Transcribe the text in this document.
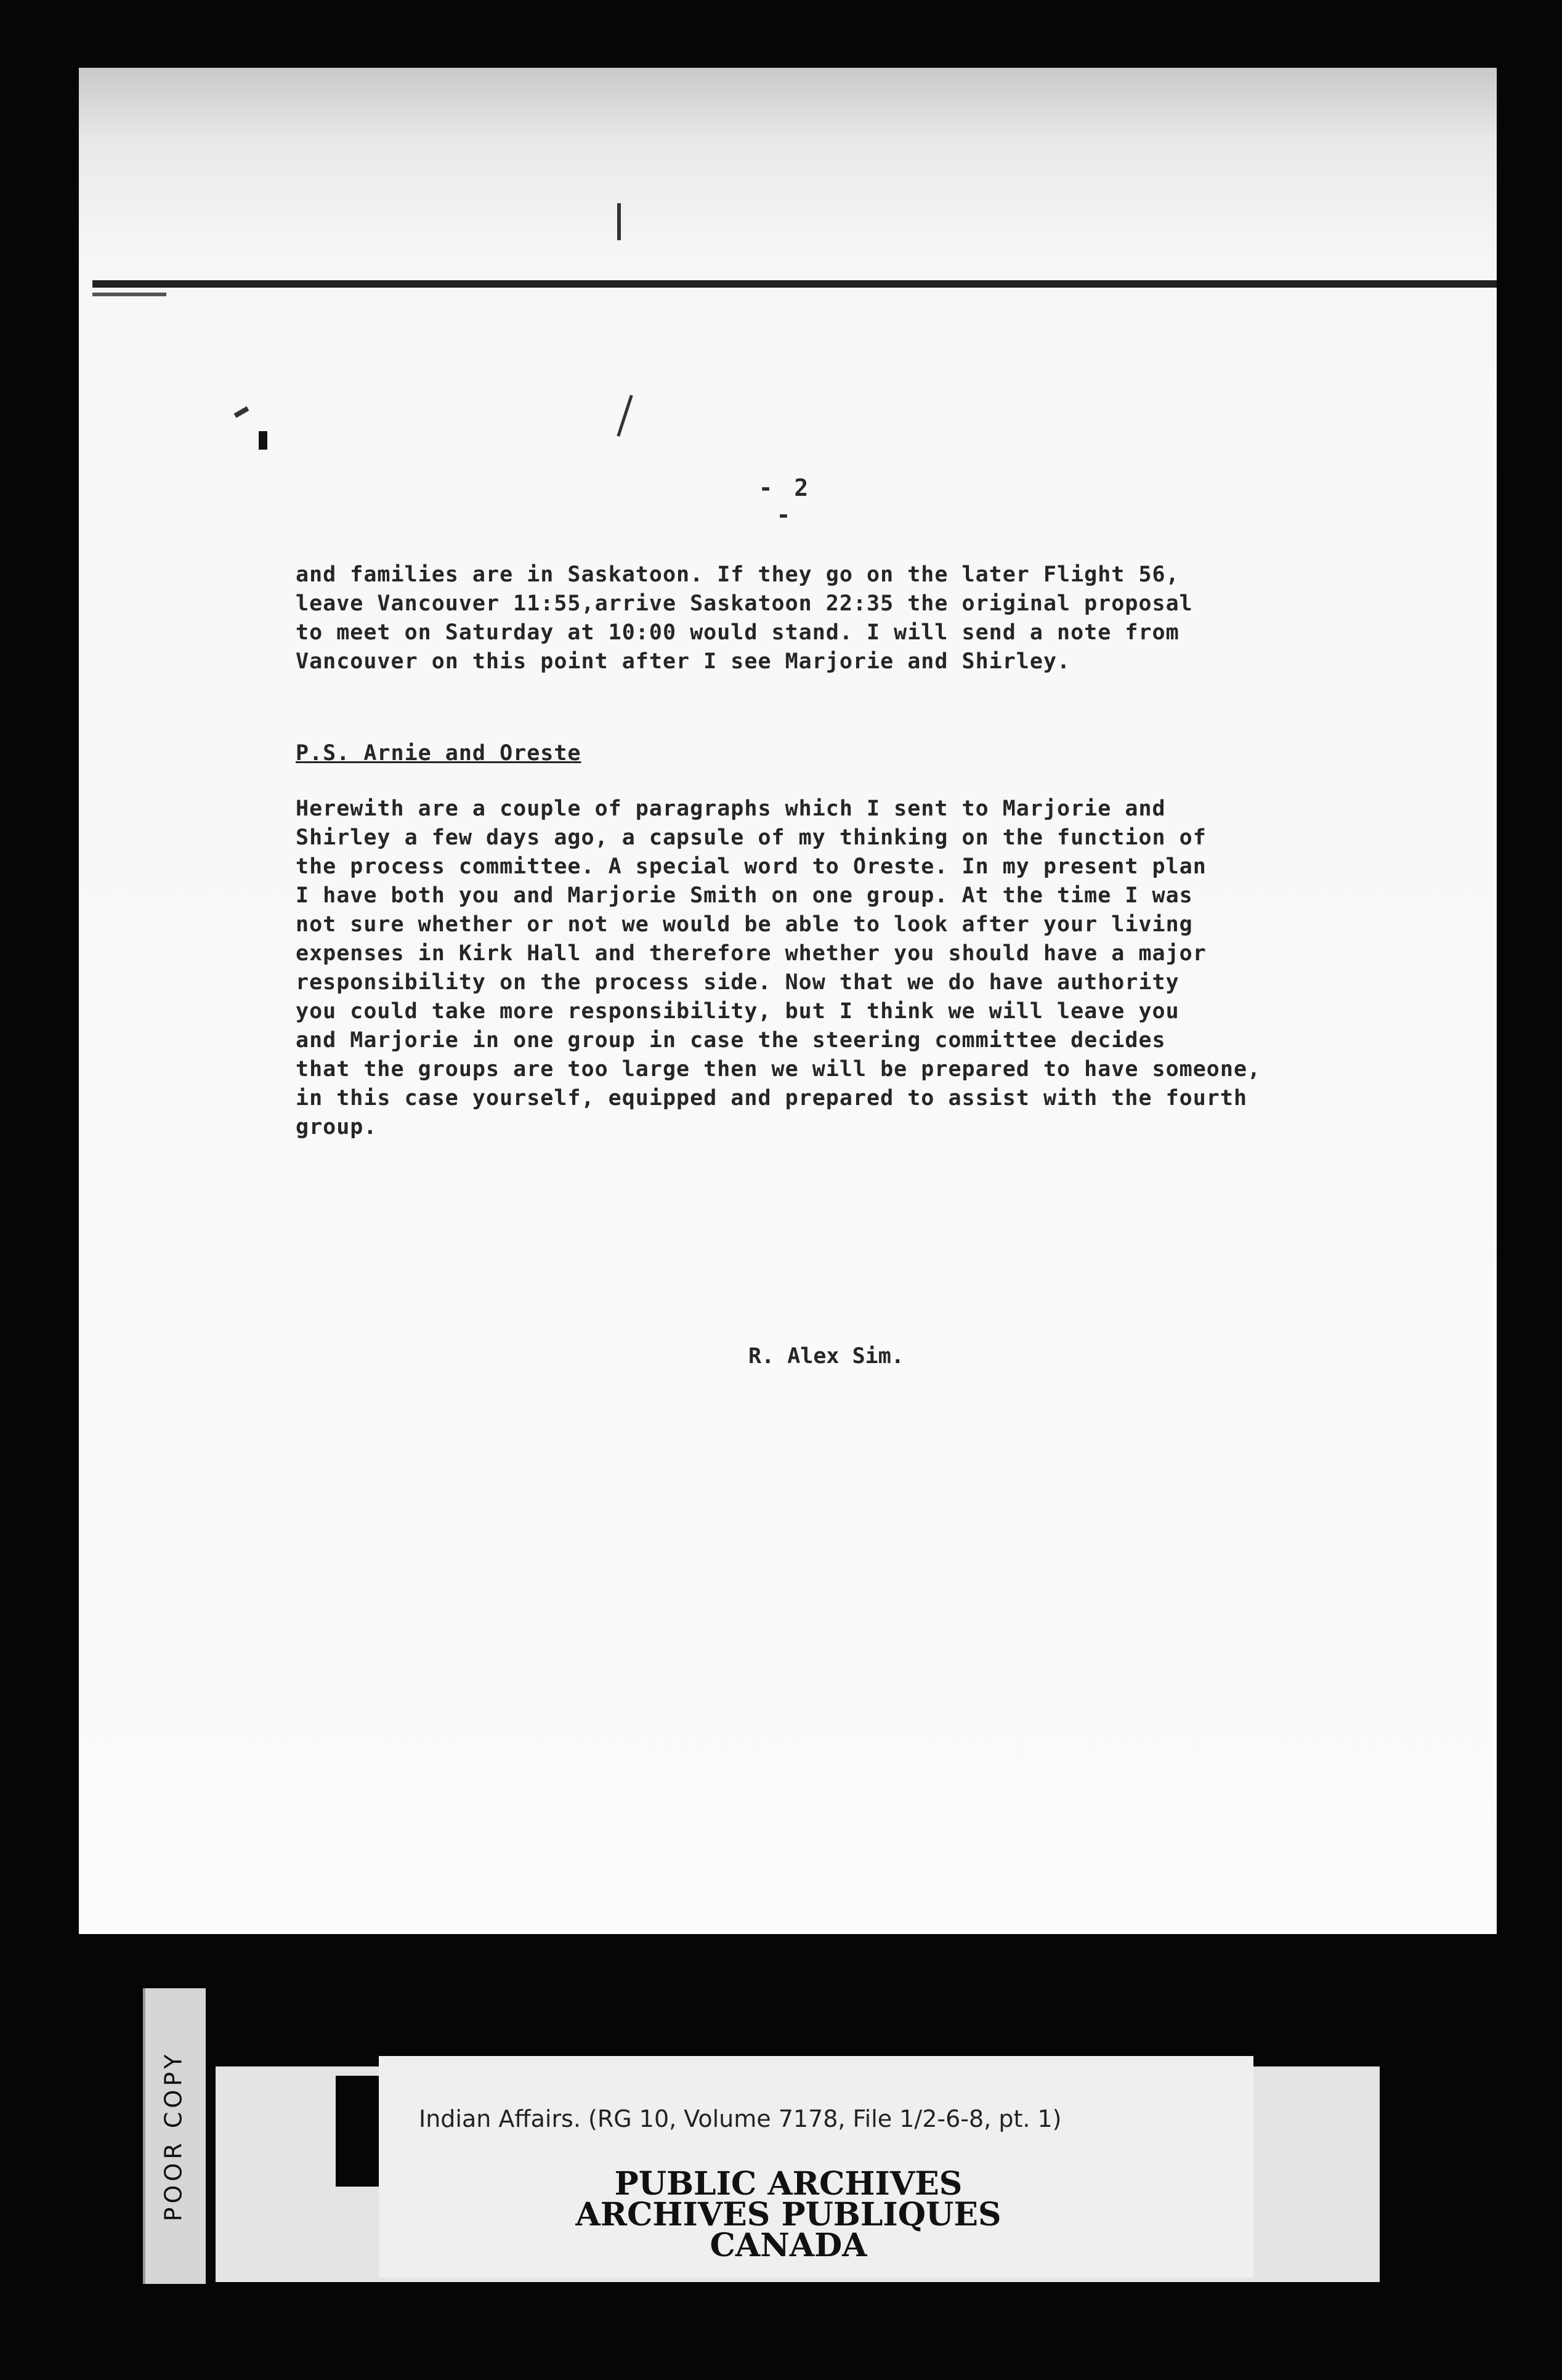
- 2 -

and families are in Saskatoon. If they go on the later Flight 56,
leave Vancouver 11:55,arrive Saskatoon 22:35 the original proposal
to meet on Saturday at 10:00 would stand. I will send a note from
Vancouver on this point after I see Marjorie and Shirley.

P.S. Arnie and Oreste

Herewith are a couple of paragraphs which I sent to Marjorie and
Shirley a few days ago, a capsule of my thinking on the function of
the process committee. A special word to Oreste. In my present plan
I have both you and Marjorie Smith on one group. At the time I was
not sure whether or not we would be able to look after your living
expenses in Kirk Hall and therefore whether you should have a major
responsibility on the process side. Now that we do have authority
you could take more responsibility, but I think we will leave you
and Marjorie in one group in case the steering committee decides
that the groups are too large then we will be prepared to have someone,
in this case yourself, equipped and prepared to assist with the fourth
group.

R. Alex Sim.

POOR COPY	Indian Affairs. (RG 10, Volume 7178, File 1/2-6-8, pt. 1)
PUBLIC ARCHIVES
ARCHIVES PUBLIQUES
CANADA
